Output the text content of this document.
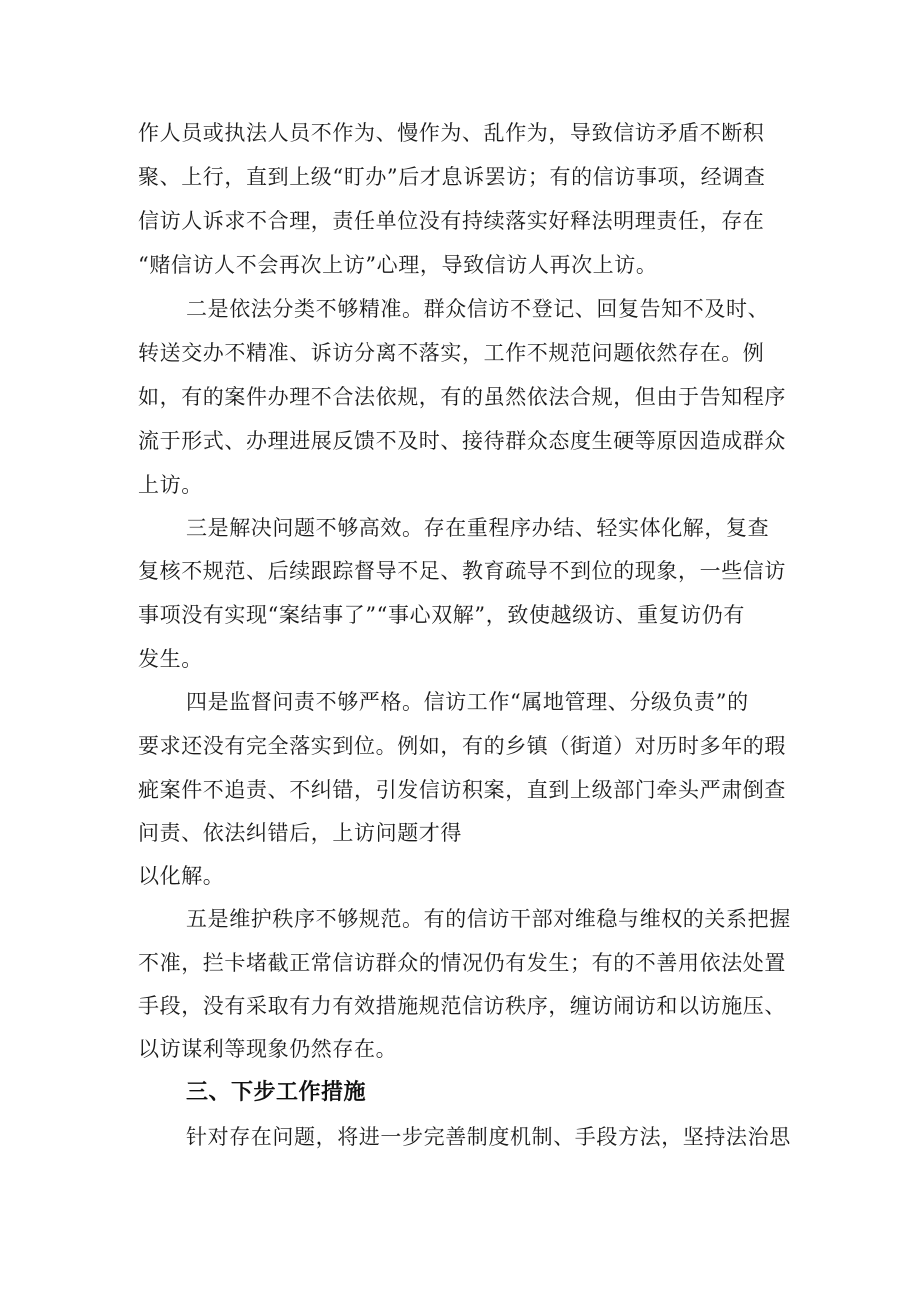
作人员或执法人员不作为、慢作为、乱作为，导致信访矛盾不断积
聚、上行，直到上级“盯办”后才息诉罢访；有的信访事项，经调查
信访人诉求不合理，责任单位没有持续落实好释法明理责任，存在
“赌信访人不会再次上访”心理，导致信访人再次上访。
二是依法分类不够精准。群众信访不登记、回复告知不及时、
转送交办不精准、诉访分离不落实，工作不规范问题依然存在。例
如，有的案件办理不合法依规，有的虽然依法合规，但由于告知程序
流于形式、办理进展反馈不及时、接待群众态度生硬等原因造成群众
上访。
三是解决问题不够高效。存在重程序办结、轻实体化解，复查
复核不规范、后续跟踪督导不足、教育疏导不到位的现象，一些信访
事项没有实现“案结事了”“事心双解”，致使越级访、重复访仍有
发生。
四是监督问责不够严格。信访工作“属地管理、分级负责”的
要求还没有完全落实到位。例如，有的乡镇（街道）对历时多年的瑕
疵案件不追责、不纠错，引发信访积案，直到上级部门牵头严肃倒查
问责、依法纠错后，上访问题才得
以化解。
五是维护秩序不够规范。有的信访干部对维稳与维权的关系把握
不准，拦卡堵截正常信访群众的情况仍有发生；有的不善用依法处置
手段，没有采取有力有效措施规范信访秩序，缠访闹访和以访施压、
以访谋利等现象仍然存在。
三、下步工作措施
针对存在问题，将进一步完善制度机制、手段方法，坚持法治思
